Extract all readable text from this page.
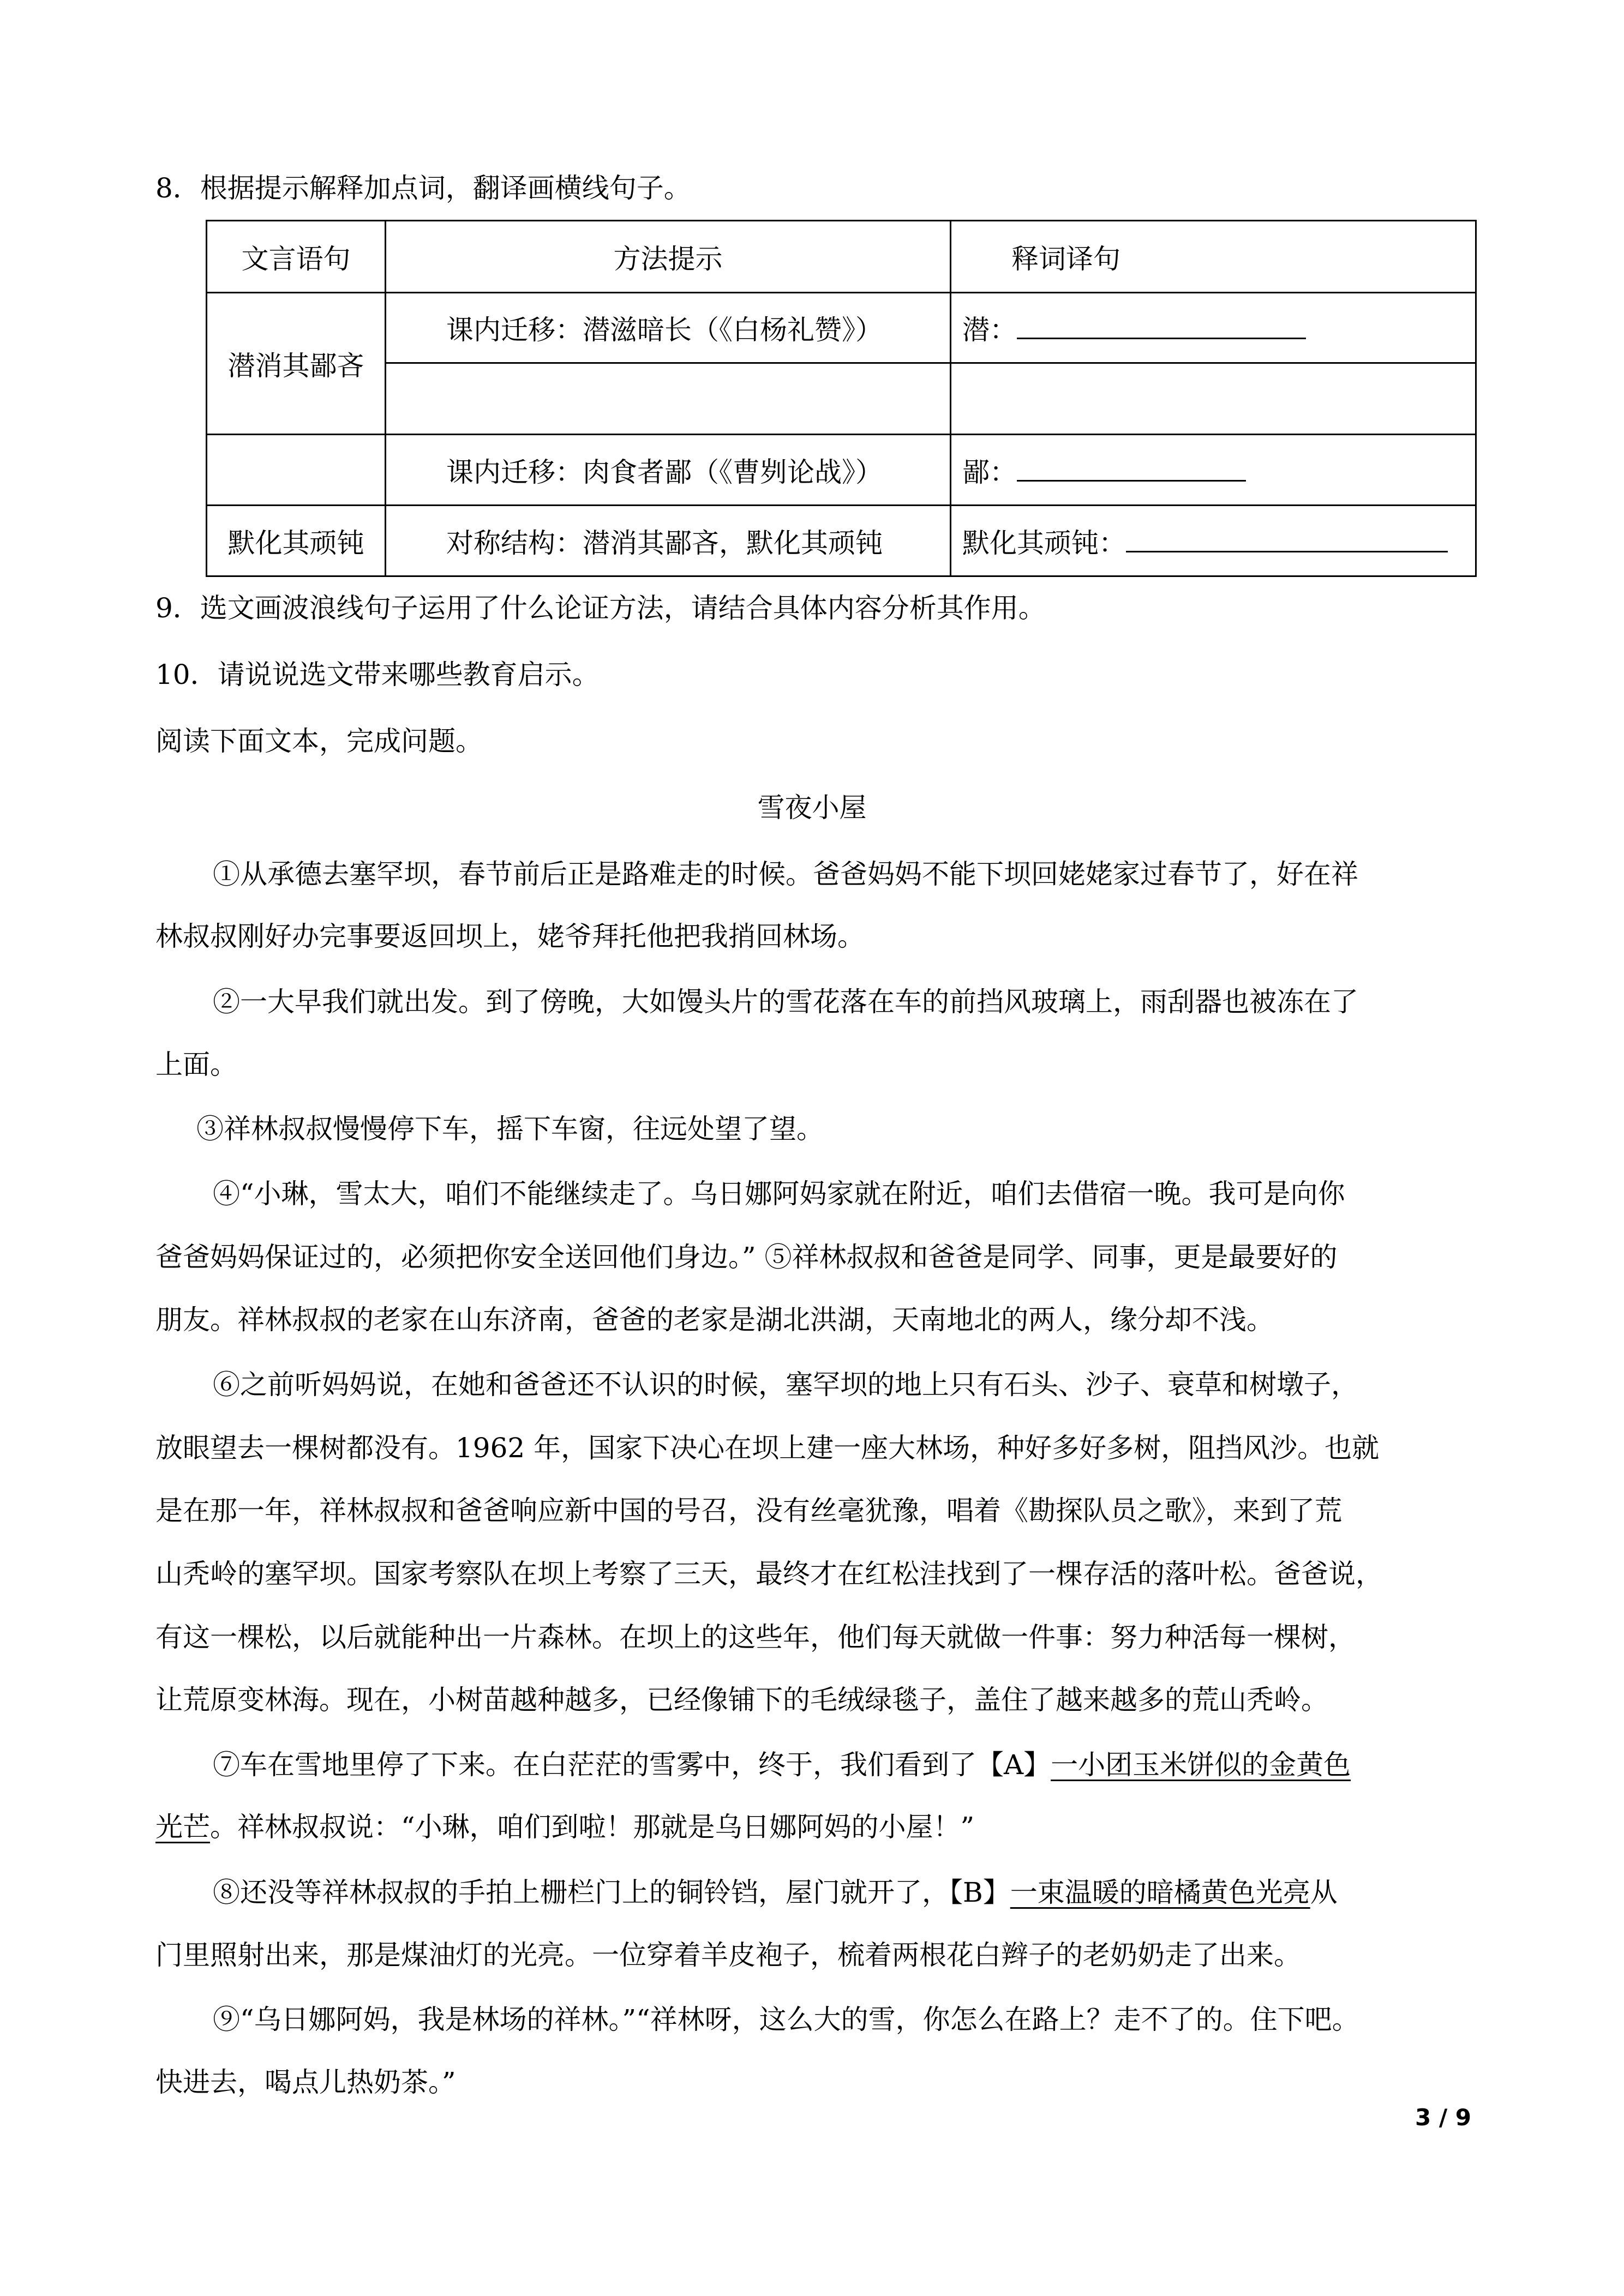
8．根据提示解释加点词，翻译画横线句子。
文言语句	方法提示	释词译句
潜消其鄙吝	课内迁移：潜滋暗长（《白杨礼赞》）	潜：

	课内迁移：肉食者鄙（《曹刿论战》）	鄙：
默化其顽钝	对称结构：潜消其鄙吝，默化其顽钝	默化其顽钝：
9．选文画波浪线句子运用了什么论证方法，请结合具体内容分析其作用。
10．请说说选文带来哪些教育启示。
阅读下面文本，完成问题。
雪夜小屋
①从承德去塞罕坝，春节前后正是路难走的时候。爸爸妈妈不能下坝回姥姥家过春节了，好在祥
林叔叔刚好办完事要返回坝上，姥爷拜托他把我捎回林场。
②一大早我们就出发。到了傍晚，大如馒头片的雪花落在车的前挡风玻璃上，雨刮器也被冻在了
上面。
③祥林叔叔慢慢停下车，摇下车窗，往远处望了望。
④“小琳，雪太大，咱们不能继续走了。乌日娜阿妈家就在附近，咱们去借宿一晚。我可是向你
爸爸妈妈保证过的，必须把你安全送回他们身边。” ⑤祥林叔叔和爸爸是同学、同事，更是最要好的
朋友。祥林叔叔的老家在山东济南，爸爸的老家是湖北洪湖，天南地北的两人，缘分却不浅。
⑥之前听妈妈说，在她和爸爸还不认识的时候，塞罕坝的地上只有石头、沙子、衰草和树墩子，
放眼望去一棵树都没有。1962 年，国家下决心在坝上建一座大林场，种好多好多树，阻挡风沙。也就
是在那一年，祥林叔叔和爸爸响应新中国的号召，没有丝毫犹豫，唱着《勘探队员之歌》，来到了荒
山秃岭的塞罕坝。国家考察队在坝上考察了三天，最终才在红松洼找到了一棵存活的落叶松。爸爸说，
有这一棵松，以后就能种出一片森林。在坝上的这些年，他们每天就做一件事：努力种活每一棵树，
让荒原变林海。现在，小树苗越种越多，已经像铺下的毛绒绿毯子，盖住了越来越多的荒山秃岭。
⑦车在雪地里停了下来。在白茫茫的雪雾中，终于，我们看到了【A】一小团玉米饼似的金黄色
光芒。祥林叔叔说：“小琳，咱们到啦！那就是乌日娜阿妈的小屋！”
⑧还没等祥林叔叔的手拍上栅栏门上的铜铃铛，屋门就开了，【B】一束温暖的暗橘黄色光亮从
门里照射出来，那是煤油灯的光亮。一位穿着羊皮袍子，梳着两根花白辫子的老奶奶走了出来。
⑨“乌日娜阿妈，我是林场的祥林。”“祥林呀，这么大的雪，你怎么在路上？走不了的。住下吧。
快进去，喝点儿热奶茶。”
3 / 9
